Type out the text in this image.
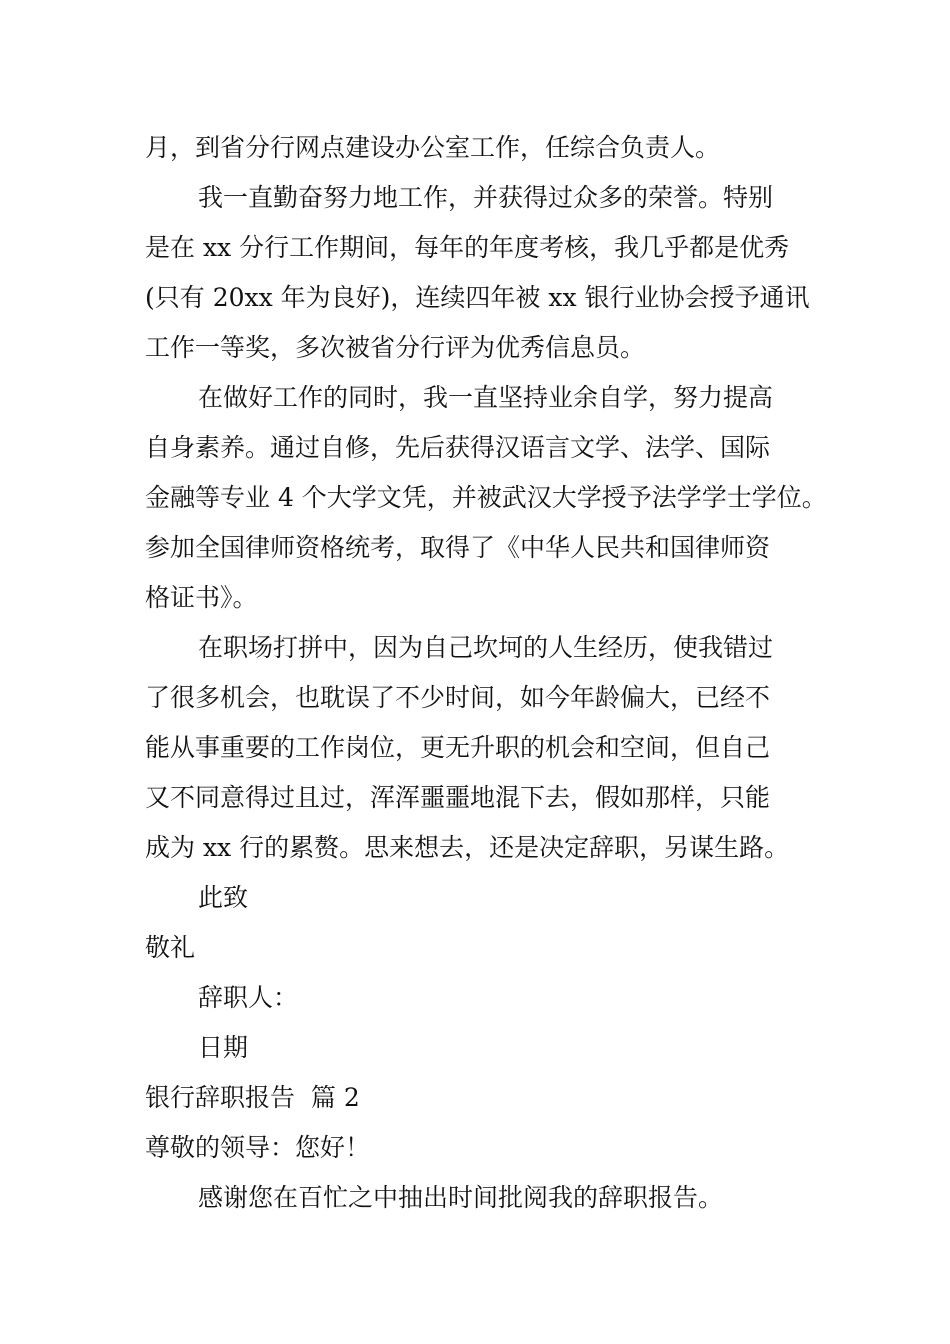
月，到省分行网点建设办公室工作，任综合负责人。
我一直勤奋努力地工作，并获得过众多的荣誉。特别
是在 xx 分行工作期间，每年的年度考核，我几乎都是优秀
(只有 20xx 年为良好)，连续四年被 xx 银行业协会授予通讯
工作一等奖，多次被省分行评为优秀信息员。
在做好工作的同时，我一直坚持业余自学，努力提高
自身素养。通过自修，先后获得汉语言文学、法学、国际
金融等专业 4 个大学文凭，并被武汉大学授予法学学士学位。
参加全国律师资格统考，取得了《中华人民共和国律师资
格证书》。
在职场打拼中，因为自己坎坷的人生经历，使我错过
了很多机会，也耽误了不少时间，如今年龄偏大，已经不
能从事重要的工作岗位，更无升职的机会和空间，但自己
又不同意得过且过，浑浑噩噩地混下去，假如那样，只能
成为 xx 行的累赘。思来想去，还是决定辞职，另谋生路。
此致
敬礼
辞职人：
日期
银行辞职报告  篇 2
尊敬的领导：您好！
感谢您在百忙之中抽出时间批阅我的辞职报告。
